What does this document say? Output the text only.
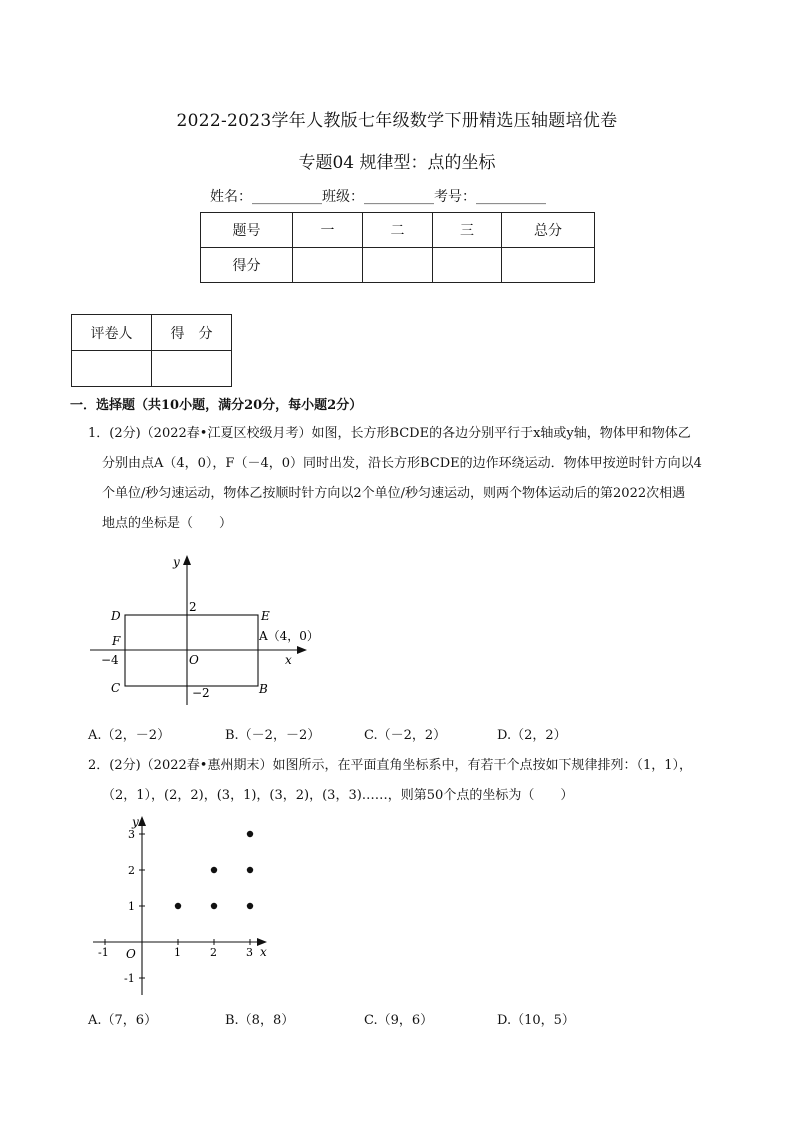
2022-2023学年人教版七年级数学下册精选压轴题培优卷
专题04 规律型：点的坐标
姓名：__________班级：__________考号：__________
题号	一	二	三	总分
得分				
评卷人	得　分

一．选择题（共10小题，满分20分，每小题2分）
1．(2分)（2022春•江夏区校级月考）如图，长方形BCDE的各边分别平行于x轴或y轴，物体甲和物体乙
分别由点A（4，0），F（－4，0）同时出发，沿长方形BCDE的边作环绕运动．物体甲按逆时针方向以4
个单位/秒匀速运动，物体乙按顺时针方向以2个单位/秒匀速运动，则两个物体运动后的第2022次相遇
地点的坐标是（　　）
y
x
2
−2
−4	O
D	E
F
C	B
A（4，0）
A.（2，－2）	B.（－2，－2）	C.（－2，2）	D.（2，2）
2．(2分)（2022春•惠州期末）如图所示，在平面直角坐标系中，有若干个点按如下规律排列：（1，1），
（2，1），(2，2)，(3，1)，(3，2)，(3，3)……，则第50个点的坐标为（　　）
y
x
O
-1	1	2	3
3
2
1
-1
A.（7，6）	B.（8，8）	C.（9，6）	D.（10，5）
